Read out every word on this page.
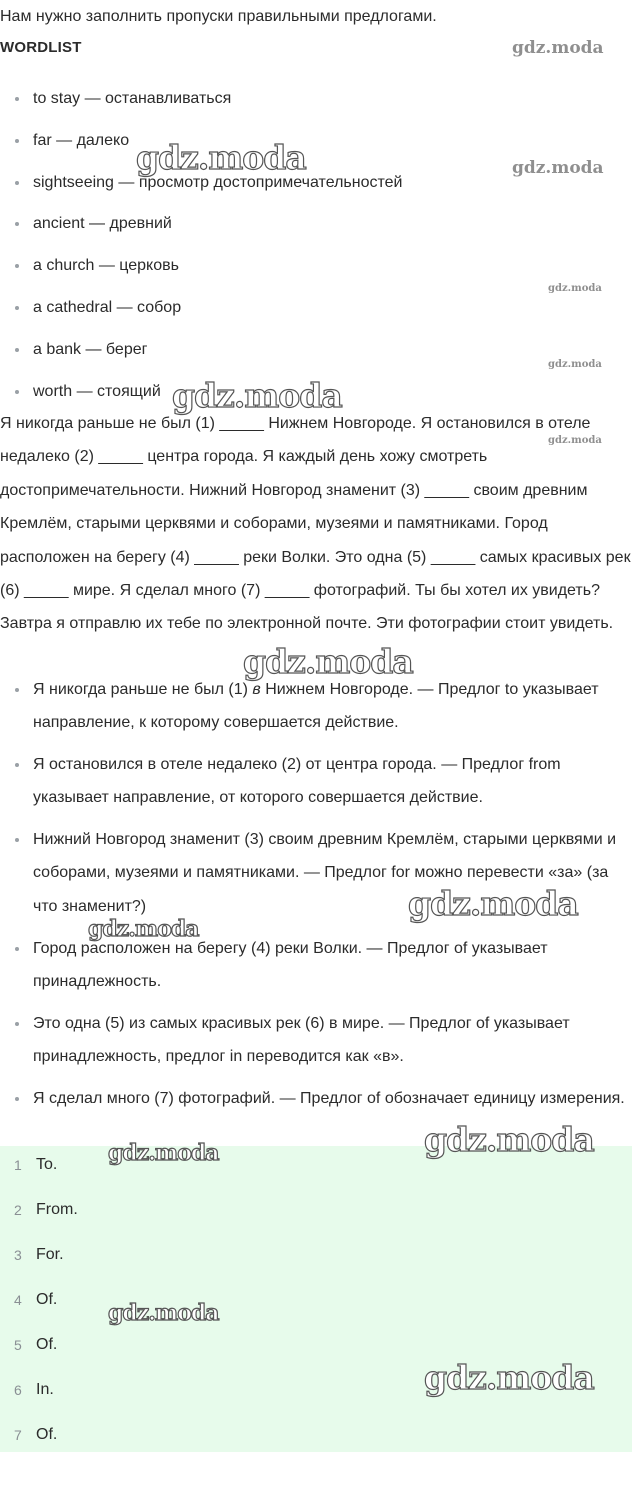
Нам нужно заполнить пропуски правильными предлогами.
WORDLIST
to stay — останавливаться
far — далеко
sightseeing — просмотр достопримечательностей
ancient — древний
a church — церковь
a cathedral — собор
a bank — берег
worth — стоящий
Я никогда раньше не был (1) _____ Нижнем Новгороде. Я остановился в отеле недалеко (2) _____ центра города. Я каждый день хожу смотреть достопримечательности. Нижний Новгород знаменит (3) _____ своим древним Кремлём, старыми церквями и соборами, музеями и памятниками. Город расположен на берегу (4) _____ реки Волки. Это одна (5) _____ самых красивых рек (6) _____ мире. Я сделал много (7) _____ фотографий. Ты бы хотел их увидеть? Завтра я отправлю их тебе по электронной почте. Эти фотографии стоит увидеть.
Я никогда раньше не был (1) в Нижнем Новгороде. — Предлог to указывает направление, к которому совершается действие.
Я остановился в отеле недалеко (2) от центра города. — Предлог from указывает направление, от которого совершается действие.
Нижний Новгород знаменит (3) своим древним Кремлём, старыми церквями и соборами, музеями и памятниками. — Предлог for можно перевести «за» (за что знаменит?)
Город расположен на берегу (4) реки Волки. — Предлог of указывает принадлежность.
Это одна (5) из самых красивых рек (6) в мире. — Предлог of указывает принадлежность, предлог in переводится как «в».
Я сделал много (7) фотографий. — Предлог of обозначает единицу измерения.
1 To.
2 From.
3 For.
4 Of.
5 Of.
6 In.
7 Of.
gdz.moda
gdz.moda	gdz.moda
gdz.moda
gdz.moda
gdz.moda
gdz.moda
gdz.moda
gdz.moda
gdz.moda
gdz.moda
gdz.moda
gdz.moda
gdz.moda
